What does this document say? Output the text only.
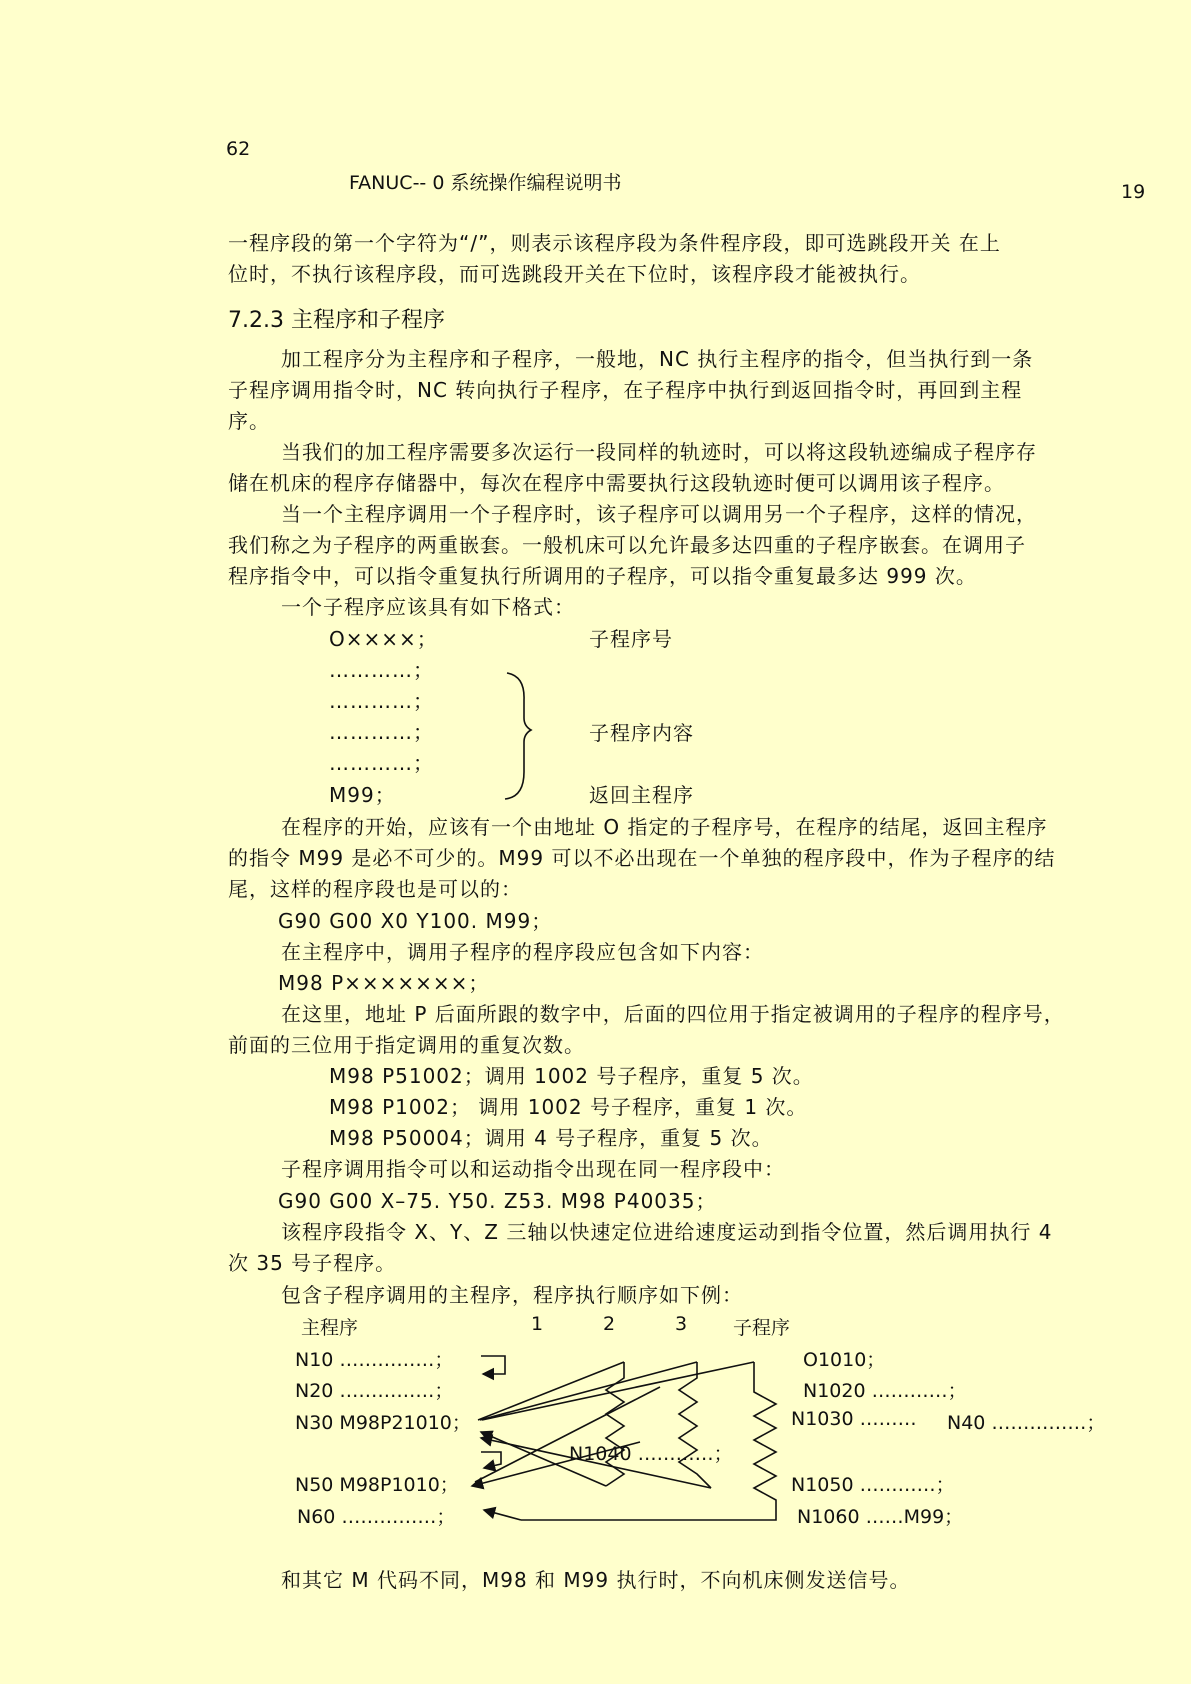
62
FANUC-- 0 系统操作编程说明书	19
一程序段的第一个字符为“/”，则表示该程序段为条件程序段，即可选跳段开关 在上
位时，不执行该程序段，而可选跳段开关在下位时，该程序段才能被执行。
7.2.3 主程序和子程序
加工程序分为主程序和子程序，一般地，NC 执行主程序的指令，但当执行到一条
子程序调用指令时，NC 转向执行子程序，在子程序中执行到返回指令时，再回到主程
序。
当我们的加工程序需要多次运行一段同样的轨迹时，可以将这段轨迹编成子程序存
储在机床的程序存储器中，每次在程序中需要执行这段轨迹时便可以调用该子程序。
当一个主程序调用一个子程序时，该子程序可以调用另一个子程序，这样的情况，
我们称之为子程序的两重嵌套。一般机床可以允许最多达四重的子程序嵌套。在调用子
程序指令中，可以指令重复执行所调用的子程序，可以指令重复最多达 999 次。
一个子程序应该具有如下格式：
O××××；	子程序号
…………；
…………；
…………；	子程序内容
…………；
M99；	返回主程序
在程序的开始，应该有一个由地址 O 指定的子程序号，在程序的结尾，返回主程序
的指令 M99 是必不可少的。M99 可以不必出现在一个单独的程序段中，作为子程序的结
尾，这样的程序段也是可以的：
G90 G00 X0 Y100. M99；
在主程序中，调用子程序的程序段应包含如下内容：
M98 P×××××××；
在这里，地址 P 后面所跟的数字中，后面的四位用于指定被调用的子程序的程序号，
前面的三位用于指定调用的重复次数。
M98 P51002；调用 1002 号子程序，重复 5 次。
M98 P1002； 调用 1002 号子程序，重复 1 次。
M98 P50004；调用 4 号子程序，重复 5 次。
子程序调用指令可以和运动指令出现在同一程序段中：
G90 G00 X–75. Y50. Z53. M98 P40035；
该程序段指令 X、Y、Z 三轴以快速定位进给速度运动到指令位置，然后调用执行 4
次 35 号子程序。
包含子程序调用的主程序，程序执行顺序如下例：
主程序	1	2	3 子程序
N10 ……………；
N20 ……………；
N30 M98P21010；
N50 M98P1010；
N60 ……………；
O1010；
N1020 …………；
N1030 ……… N40 ……………；
N1040 …………；
N1050 …………；
N1060 ……M99；
和其它 M 代码不同，M98 和 M99 执行时，不向机床侧发送信号。
